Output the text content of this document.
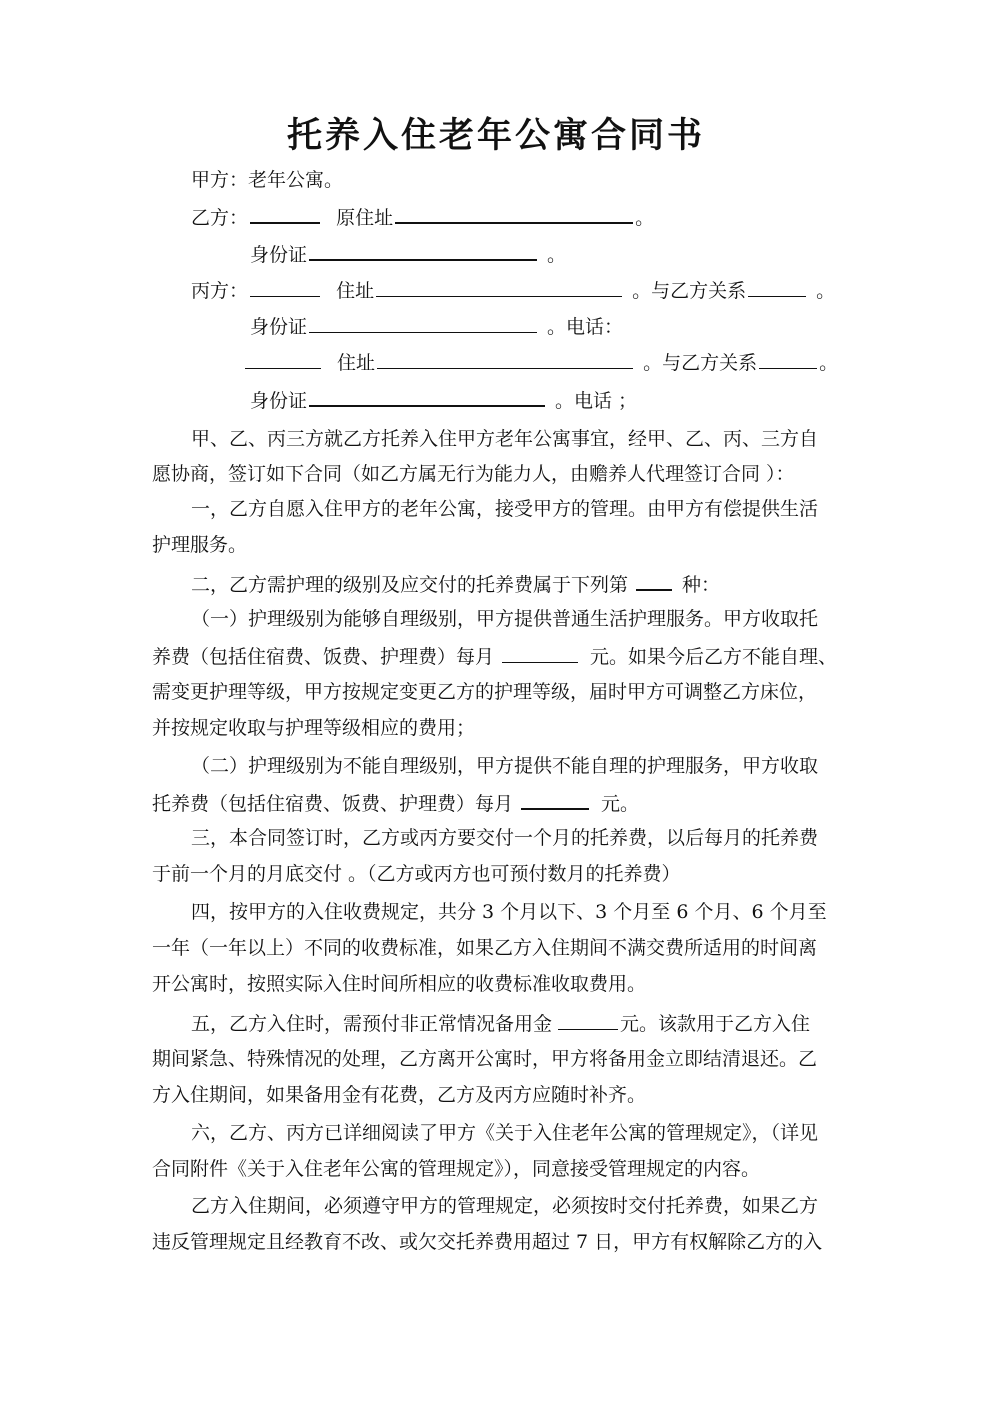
托养入住老年公寓合同书
甲方：老年公寓。
乙方：	原住址	。
身份证	。
丙方：	住址	。与乙方关系	。
身份证	。电话：
住址	。与乙方关系	。
身份证	。电话 ；
甲、乙、丙三方就乙方托养入住甲方老年公寓事宜，经甲、乙、丙、三方自
愿协商，签订如下合同（如乙方属无行为能力人，由赡养人代理签订合同 ）：
一，乙方自愿入住甲方的老年公寓，接受甲方的管理。由甲方有偿提供生活
护理服务。
二，乙方需护理的级别及应交付的托养费属于下列第	种：
（一）护理级别为能够自理级别，甲方提供普通生活护理服务。甲方收取托
养费（包括住宿费、饭费、护理费）每月	元。如果今后乙方不能自理、
需变更护理等级，甲方按规定变更乙方的护理等级，届时甲方可调整乙方床位，
并按规定收取与护理等级相应的费用；
（二）护理级别为不能自理级别，甲方提供不能自理的护理服务，甲方收取
托养费（包括住宿费、饭费、护理费）每月	元。
三，本合同签订时，乙方或丙方要交付一个月的托养费，以后每月的托养费
于前一个月的月底交付 。（乙方或丙方也可预付数月的托养费）
四，按甲方的入住收费规定，共分 3 个月以下、3 个月至 6 个月、6 个月至
一年（一年以上）不同的收费标准，如果乙方入住期间不满交费所适用的时间离
开公寓时，按照实际入住时间所相应的收费标准收取费用。
五，乙方入住时，需预付非正常情况备用金	元。该款用于乙方入住
期间紧急、特殊情况的处理，乙方离开公寓时，甲方将备用金立即结清退还。乙
方入住期间，如果备用金有花费，乙方及丙方应随时补齐。
六，乙方、丙方已详细阅读了甲方《关于入住老年公寓的管理规定》，（详见
合同附件《关于入住老年公寓的管理规定》），同意接受管理规定的内容。
乙方入住期间，必须遵守甲方的管理规定，必须按时交付托养费，如果乙方
违反管理规定且经教育不改、或欠交托养费用超过 7 日，甲方有权解除乙方的入
